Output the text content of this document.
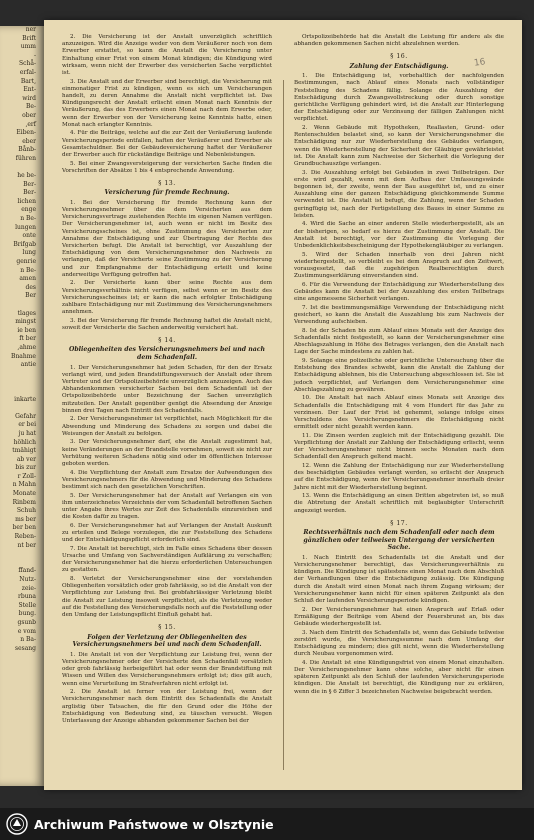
ner
Brift
umm
-
Schå-
erfal-
Bart,
Ent-
wird
Be-
ober
,erf
Eiben-
eber
Bånb-
führen

he be-
Ber-
Ber-
lichen
enge
n Be-
lungen
onte
Brifgab
lung
genrie
n Be-
amen
des
Ber

tlages
mingst
ie ben
ft ber
,ahme
Bnahme
antie

inkarte

Gefahr
er bei
ju hat
höhlich
tmähigt
ab ver
bis zur
r Zoll-
n Mahn
Monate
Rinbem
Schuh
ms ber
ber ben
Reben-
nt ber

ffand-
Nutz-
zeie-
rbuna
Stelle
bung.
gsunb
e vom
n Ba-
sesang
16

2. Die Versicherung ist der Anstalt unverzüglich schriftlich anzuzeigen. Wird die Anzeige weder von dem Veräußerer noch von dem Erwerber erstattet, so kann die Anstalt die Versicherung unter Einhaltung einer Frist von einem Monat kündigen; die Kündigung wird wirksam, wenn nicht der Erwerber des versicherten Sache verpflichtet ist.

3. Die Anstalt und der Erwerber sind berechtigt, die Versicherung mit einmonatiger Frist zu kündigen, wenn es sich um Versicherungen handelt, zu deren Annahme die Anstalt nicht verpflichtet ist. Das Kündigungsrecht der Anstalt erlischt einen Monat nach Kenntnis der Veräußerung, das des Erwerbers einen Monat nach dem Erwerbe oder, wenn der Erwerber von der Versicherung keine Kenntnis hatte, einen Monat nach erlangter Kenntnis.

4. Für die Beiträge, welche auf die zur Zeit der Veräußerung laufende Versicherungsperiode entfallen, haften der Veräußerer und Erwerber als Gesamtschuldner. Bei der Gebäudeversicherung haftet der Veräußerer der Erwerber auch für rückständige Beiträge und Nebenleistungen.

5. Bei einer Zwangsversteigerung der versicherten Sache finden die Vorschriften der Absätze 1 bis 4 entsprechende Anwendung.

§ 13.
Versicherung für fremde Rechnung.

1. Bei der Versicherung für fremde Rechnung kann der Versicherungsnehmer über die dem Versicherten aus dem Versicherungsvertrage zustehenden Rechte im eigenen Namen verfügen. Der Versicherungsnehmer ist, auch wenn er nicht im Besitz des Versicherungsscheines ist, ohne Zustimmung des Versicherten zur Annahme der Entschädigung und zur Übertragung der Rechte des Versicherten befugt. Die Anstalt ist berechtigt, vor Auszahlung der Entschädigung von dem Versicherungsnehmer den Nachweis zu verlangen, daß der Versicherte seine Zustimmung zu der Versicherung und zur Empfangnahme der Entschädigung erteilt und keine anderweitige Verfügung getroffen hat.

2. Der Versicherte kann über seine Rechte aus dem Versicherungsverhältnis nicht verfügen, selbst wenn er im Besitz des Versicherungsscheines ist; er kann die nach erfolgter Entschädigung zahlbare Entschädigung nur mit Zustimmung des Versicherungsnehmers annehmen.

3. Bei der Versicherung für fremde Rechnung haftet die Anstalt nicht, soweit der Versicherte die Sachen anderweitig versichert hat.

§ 14.
Obliegenheiten des Versicherungsnehmers bei und nach dem Schadenfall.

1. Der Versicherungsnehmer hat jeden Schaden, für den der Ersatz verlangt wird, und jeden Brandstiftungsversuch der Anstalt oder ihrem Vertreter und der Ortspolizeibehörde unverzüglich anzuzeigen. Auch das Abhandenkommen versicherter Sachen bei dem Schadenfall ist der Ortspolizeibehörde unter Bezeichnung der Sachen unverzüglich mitzuteilen. Der Anstalt gegenüber genügt die Absendung der Anzeige binnen drei Tagen nach Eintritt des Schadenfalls.

2. Der Versicherungsnehmer ist verpflichtet, nach Möglichkeit für die Abwendung und Minderung des Schadens zu sorgen und dabei die Weisungen der Anstalt zu befolgen.

3. Der Versicherungsnehmer darf, ehe die Anstalt zugestimmt hat, keine Veränderungen an der Brandstelle vornehmen, soweit sie nicht zur Verhütung weiteren Schadens nötig sind oder im öffentlichen Interesse geboten werden.

4. Die Verpflichtung der Anstalt zum Ersatze der Aufwendungen des Versicherungsnehmers für die Abwendung und Minderung des Schadens bestimmt sich nach den gesetzlichen Vorschriften.

5. Der Versicherungsnehmer hat der Anstalt auf Verlangen ein von ihm unterzeichnetes Verzeichnis der vom Schadenfall betroffenen Sachen unter Angabe ihres Wertes zur Zeit des Schadenfalls einzureichen und die Kosten dafür zu tragen.

6. Der Versicherungsnehmer hat auf Verlangen der Anstalt Auskunft zu erteilen und Belege vorzulegen, die zur Feststellung des Schadens und der Entschädigungspflicht erforderlich sind.

7. Die Anstalt ist berechtigt, sich im Falle eines Schadens über dessen Ursache und Umfang von Sachverständigen Aufklärung zu verschaffen; der Versicherungsnehmer hat die hierzu erforderlichen Untersuchungen zu gestatten.

8. Verletzt der Versicherungsnehmer eine der vorstehenden Obliegenheiten vorsätzlich oder grob fahrlässig, so ist die Anstalt von der Verpflichtung zur Leistung frei. Bei grobfahrlässiger Verletzung bleibt die Anstalt zur Leistung insoweit verpflichtet, als die Verletzung weder auf die Feststellung des Versicherungsfalls noch auf die Feststellung oder den Umfang der Leistungspflicht Einfluß gehabt hat.

§ 15.
Folgen der Verletzung der Obliegenheiten des Versicherungsnehmers bei und nach dem Schadenfall.

1. Die Anstalt ist von der Verpflichtung zur Leistung frei, wenn der Versicherungsnehmer oder der Versicherte den Schadenfall vorsätzlich oder grob fahrlässig herbeigeführt hat oder wenn der Brandstiftung mit Wissen und Willen des Versicherungsnehmers erfolgt ist; dies gilt auch, wenn eine Verurteilung im Strafverfahren nicht erfolgt ist.

2. Die Anstalt ist ferner von der Leistung frei, wenn der Versicherungsnehmer nach dem Eintritt des Schadenfalls die Anstalt arglistig über Tatsachen, die für den Grund oder die Höhe der Entschädigung von Bedeutung sind, zu täuschen versucht. Wegen Unterlassung der Anzeige abhanden gekommener Sachen bei der

Ortspolizeibehörde hat die Anstalt die Leistung für andere als die abhanden gekommenen Sachen nicht abzulehnen werden.

§ 16.
Zahlung der Entschädigung.

1. Die Entschädigung ist, vorbehaltlich der nachfolgenden Bestimmungen, nach Ablauf eines Monats nach vollständiger Feststellung des Schadens fällig. Solange die Auszahlung der Entschädigung durch Zwangsvollstreckung oder durch sonstige gerichtliche Verfügung gehindert wird, ist die Anstalt zur Hinterlegung der Entschädigung oder zur Verzinsung der fälligen Zahlungen nicht verpflichtet.

2. Wenn Gebäude mit Hypotheken, Reallasten, Grund- oder Rentenschulden belastet sind, so kann der Versicherungsnehmer die Entschädigung nur zur Wiederherstellung des Gebäudes verlangen, wenn die Wiederherstellung der Sicherheit der Gläubiger gewährleistet ist. Die Anstalt kann zum Nachweise der Sicherheit die Vorlegung der Grundbuchauszüge verlangen.

3. Die Auszahlung erfolgt bei Gebäuden in zwei Teilbeträgen. Der erste wird gezahlt, wenn mit dem Aufbau der Umfassungswände begonnen ist, der zweite, wenn der Bau ausgeführt ist, und zu einer Auszahlung eine der ganzen Entschädigung gleichkommende Summe verwendet ist. Die Anstalt ist befugt, die Zahlung, wenn der Schaden geringfügig ist, nach der Fertigstellung des Baues in einer Summe zu leisten.

4. Wird die Sache an einer anderen Stelle wiederhergestellt, als an der bisherigen, so bedarf es hierzu der Zustimmung der Anstalt. Die Anstalt ist berechtigt, vor der Zustimmung die Vorlegung der Unbedenklichkeitsbescheinigung der Hypothekengläubiger zu verlangen.

5. Wird der Schaden innerhalb von drei Jahren nicht wiederhergestellt, so verbleibt es bei dem Anspruch auf den Zeitwert, vorausgesetzt, daß die zugehörigen Realberechtigten durch Zustimmungserklärung einverstanden sind.

6. Für die Verwendung der Entschädigung zur Wiederherstellung des Gebäudes kann die Anstalt bei der Auszahlung des ersten Teilbetrags eine angemessene Sicherheit verlangen.

7. Ist die bestimmungsmäßige Verwendung der Entschädigung nicht gesichert, so kann die Anstalt die Auszahlung bis zum Nachweis der Verwendung aufschieben.

8. Ist der Schaden bis zum Ablauf eines Monats seit der Anzeige des Schadenfalls nicht festgestellt, so kann der Versicherungsnehmer eine Abschlagszahlung in Höhe des Betrages verlangen, den die Anstalt nach Lage der Sache mindestens zu zahlen hat.

9. Solange eine polizeiliche oder gerichtliche Untersuchung über die Entstehung des Brandes schwebt, kann die Anstalt die Zahlung der Entschädigung ablehnen, bis die Untersuchung abgeschlossen ist. Sie ist jedoch verpflichtet, auf Verlangen dem Versicherungsnehmer eine Abschlagszahlung zu gewähren.

10. Die Anstalt hat nach Ablauf eines Monats seit Anzeige des Schadenfalls die Entschädigung mit 4 vom Hundert für das Jahr zu verzinsen. Der Lauf der Frist ist gehemmt, solange infolge eines Verschuldens des Versicherungsnehmers die Entschädigung nicht ermittelt oder nicht gezahlt werden kann.

11. Die Zinsen werden zugleich mit der Entschädigung gezahlt. Die Verpflichtung der Anstalt zur Zahlung der Entschädigung erlischt, wenn der Versicherungsnehmer nicht binnen sechs Monaten nach dem Schadenfall den Anspruch geltend macht.

12. Wenn die Zahlung der Entschädigung nur zur Wiederherstellung des beschädigten Gebäudes verlangt werden, so erlischt der Anspruch auf die Entschädigung, wenn der Versicherungsnehmer innerhalb dreier Jahre nicht mit der Wiederherstellung beginnt.

13. Wenn die Entschädigung an einen Dritten abgetreten ist, so muß die Abtretung der Anstalt schriftlich mit beglaubigter Unterschrift angezeigt werden.

§ 17.
Rechtsverhältnis nach dem Schadenfall oder nach dem gänzlichen oder teilweisen Untergang der versicherten Sache.

1. Nach Eintritt des Schadenfalls ist die Anstalt und der Versicherungsnehmer berechtigt, das Versicherungsverhältnis zu kündigen. Die Kündigung ist spätestens einen Monat nach dem Abschluß der Verhandlungen über die Entschädigung zulässig. Die Kündigung durch die Anstalt wird einen Monat nach ihrem Zugang wirksam; der Versicherungsnehmer kann nicht für einen späteren Zeitpunkt als den Schluß der laufenden Versicherungsperiode kündigen.

2. Der Versicherungsnehmer hat einen Anspruch auf Erlaß oder Ermäßigung der Beiträge vom Abend der Feuersbrunst an, bis das Gebäude wiederhergestellt ist.

3. Nach dem Eintritt des Schadenfalls ist, wenn das Gebäude teilweise zerstört wurde, die Versicherungssumme nach dem Umfang der Entschädigung zu mindern; dies gilt nicht, wenn die Wiederherstellung durch Neubau vorgenommen wird.

4. Die Anstalt ist eine Kündigungsfrist von einem Monat einzuhalten. Der Versicherungsnehmer kann ohne solche, aber nicht für einen späteren Zeitpunkt als den Schluß der laufenden Versicherungsperiode kündigen. Die Anstalt ist berechtigt, die Kündigung nur zu erklären, wenn die in § 6 Ziffer 3 bezeichneten Nachweise beigebracht werden.

Archiwum Państwowe w Olsztynie
